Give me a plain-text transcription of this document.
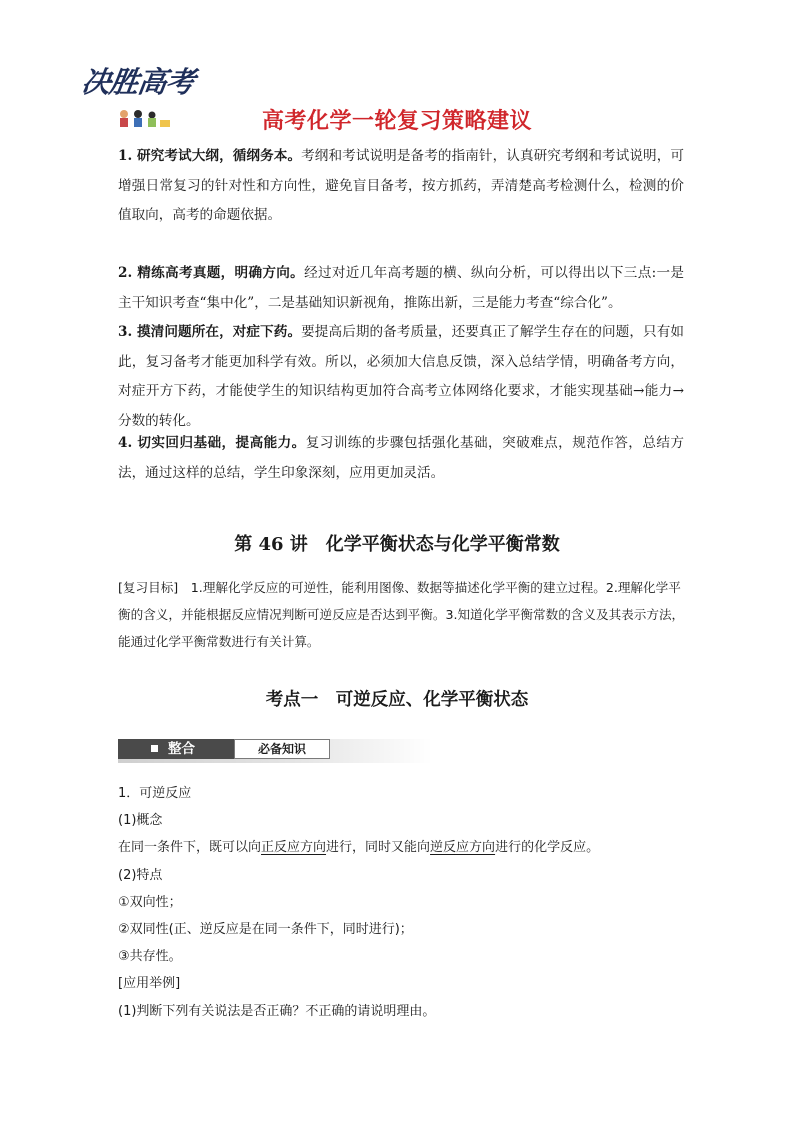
决胜高考
高考化学一轮复习策略建议

1. 研究考试大纲，循纲务本。考纲和考试说明是备考的指南针，认真研究考纲和考试说明，可增强日常复习的针对性和方向性，避免盲目备考，按方抓药，弄清楚高考检测什么，检测的价值取向，高考的命题依据。

2. 精练高考真题，明确方向。经过对近几年高考题的横、纵向分析，可以得出以下三点:一是主干知识考查“集中化”，二是基础知识新视角，推陈出新，三是能力考查“综合化”。

3. 摸清问题所在，对症下药。要提高后期的备考质量，还要真正了解学生存在的问题，只有如此，复习备考才能更加科学有效。所以，必须加大信息反馈，深入总结学情，明确备考方向，对症开方下药，才能使学生的知识结构更加符合高考立体网络化要求，才能实现基础→能力→分数的转化。

4. 切实回归基础，提高能力。复习训练的步骤包括强化基础，突破难点，规范作答，总结方法，通过这样的总结，学生印象深刻，应用更加灵活。

第 46 讲　化学平衡状态与化学平衡常数

[复习目标]　1.理解化学反应的可逆性，能利用图像、数据等描述化学平衡的建立过程。2.理解化学平衡的含义，并能根据反应情况判断可逆反应是否达到平衡。3.知道化学平衡常数的含义及其表示方法，能通过化学平衡常数进行有关计算。

考点一　可逆反应、化学平衡状态
整合	必备知识

1．可逆反应

(1)概念

在同一条件下，既可以向正反应方向进行，同时又能向逆反应方向进行的化学反应。

(2)特点

①双向性；

②双同性(正、逆反应是在同一条件下，同时进行)；

③共存性。

[应用举例]

(1)判断下列有关说法是否正确？不正确的请说明理由。
